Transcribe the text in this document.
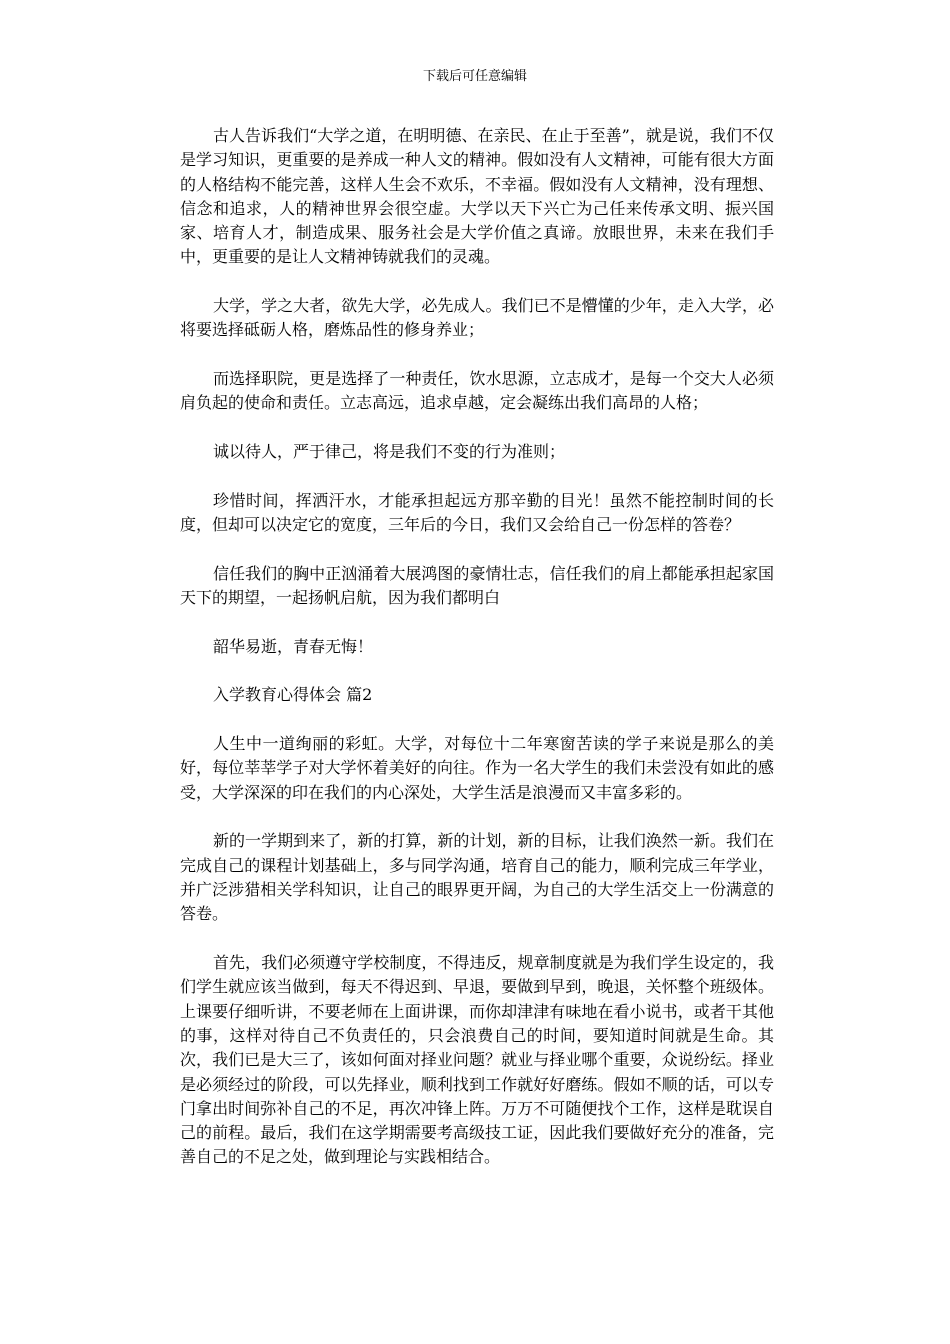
下载后可任意编辑

古人告诉我们“大学之道，在明明德、在亲民、在止于至善”，就是说，我们不仅是学习知识，更重要的是养成一种人文的精神。假如没有人文精神，可能有很大方面的人格结构不能完善，这样人生会不欢乐，不幸福。假如没有人文精神，没有理想、信念和追求，人的精神世界会很空虚。大学以天下兴亡为己任来传承文明、振兴国家、培育人才，制造成果、服务社会是大学价值之真谛。放眼世界，未来在我们手中，更重要的是让人文精神铸就我们的灵魂。

大学，学之大者，欲先大学，必先成人。我们已不是懵懂的少年，走入大学，必将要选择砥砺人格，磨炼品性的修身养业；

而选择职院，更是选择了一种责任，饮水思源，立志成才，是每一个交大人必须肩负起的使命和责任。立志高远，追求卓越，定会凝练出我们高昂的人格；

诚以待人，严于律己，将是我们不变的行为准则；

珍惜时间，挥洒汗水，才能承担起远方那辛勤的目光！虽然不能控制时间的长度，但却可以决定它的宽度，三年后的今日，我们又会给自己一份怎样的答卷？

信任我们的胸中正汹涌着大展鸿图的豪情壮志，信任我们的肩上都能承担起家国天下的期望，一起扬帆启航，因为我们都明白

韶华易逝，青春无悔！

入学教育心得体会 篇2

人生中一道绚丽的彩虹。大学，对每位十二年寒窗苦读的学子来说是那么的美好，每位莘莘学子对大学怀着美好的向往。作为一名大学生的我们未尝没有如此的感受，大学深深的印在我们的内心深处，大学生活是浪漫而又丰富多彩的。

新的一学期到来了，新的打算，新的计划，新的目标，让我们涣然一新。我们在完成自己的课程计划基础上，多与同学沟通，培育自己的能力，顺利完成三年学业，并广泛涉猎相关学科知识，让自己的眼界更开阔，为自己的大学生活交上一份满意的答卷。

首先，我们必须遵守学校制度，不得违反，规章制度就是为我们学生设定的，我们学生就应该当做到，每天不得迟到、早退，要做到早到，晚退，关怀整个班级体。上课要仔细听讲，不要老师在上面讲课，而你却津津有味地在看小说书，或者干其他的事，这样对待自己不负责任的，只会浪费自己的时间，要知道时间就是生命。其次，我们已是大三了，该如何面对择业问题？就业与择业哪个重要，众说纷纭。择业是必须经过的阶段，可以先择业，顺利找到工作就好好磨练。假如不顺的话，可以专门拿出时间弥补自己的不足，再次冲锋上阵。万万不可随便找个工作，这样是耽误自己的前程。最后，我们在这学期需要考高级技工证，因此我们要做好充分的准备，完善自己的不足之处，做到理论与实践相结合。
